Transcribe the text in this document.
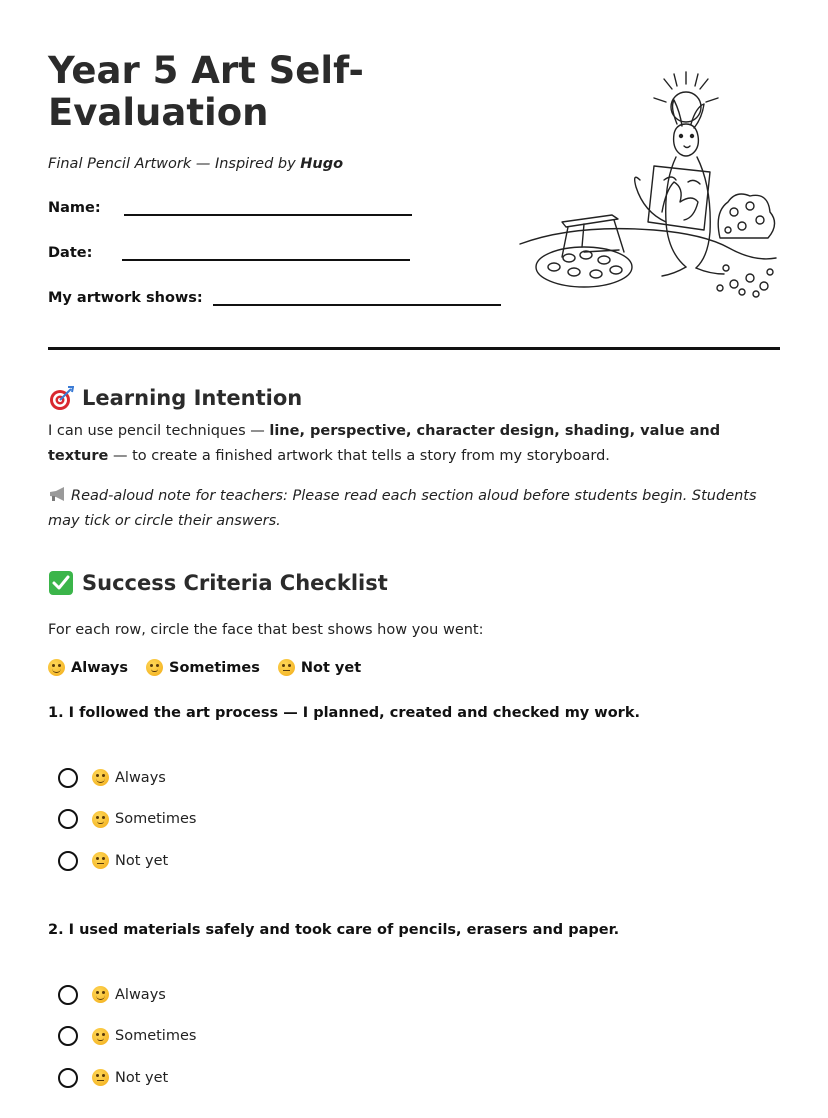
Year 5 Art Self-Evaluation
Final Pencil Artwork — Inspired by Hugo
Name:
Date:
My artwork shows:
Learning Intention

I can use pencil techniques — line, perspective, character design, shading, value and texture — to create a finished artwork that tells a story from my storyboard.

Read-aloud note for teachers: Please read each section aloud before students begin. Students may tick or circle their answers.

Success Criteria Checklist

For each row, circle the face that best shows how you went:

Always	Sometimes	Not yet
1. I followed the art process — I planned, created and checked my work.
Always
Sometimes
Not yet
2. I used materials safely and took care of pencils, erasers and paper.
Always
Sometimes
Not yet
